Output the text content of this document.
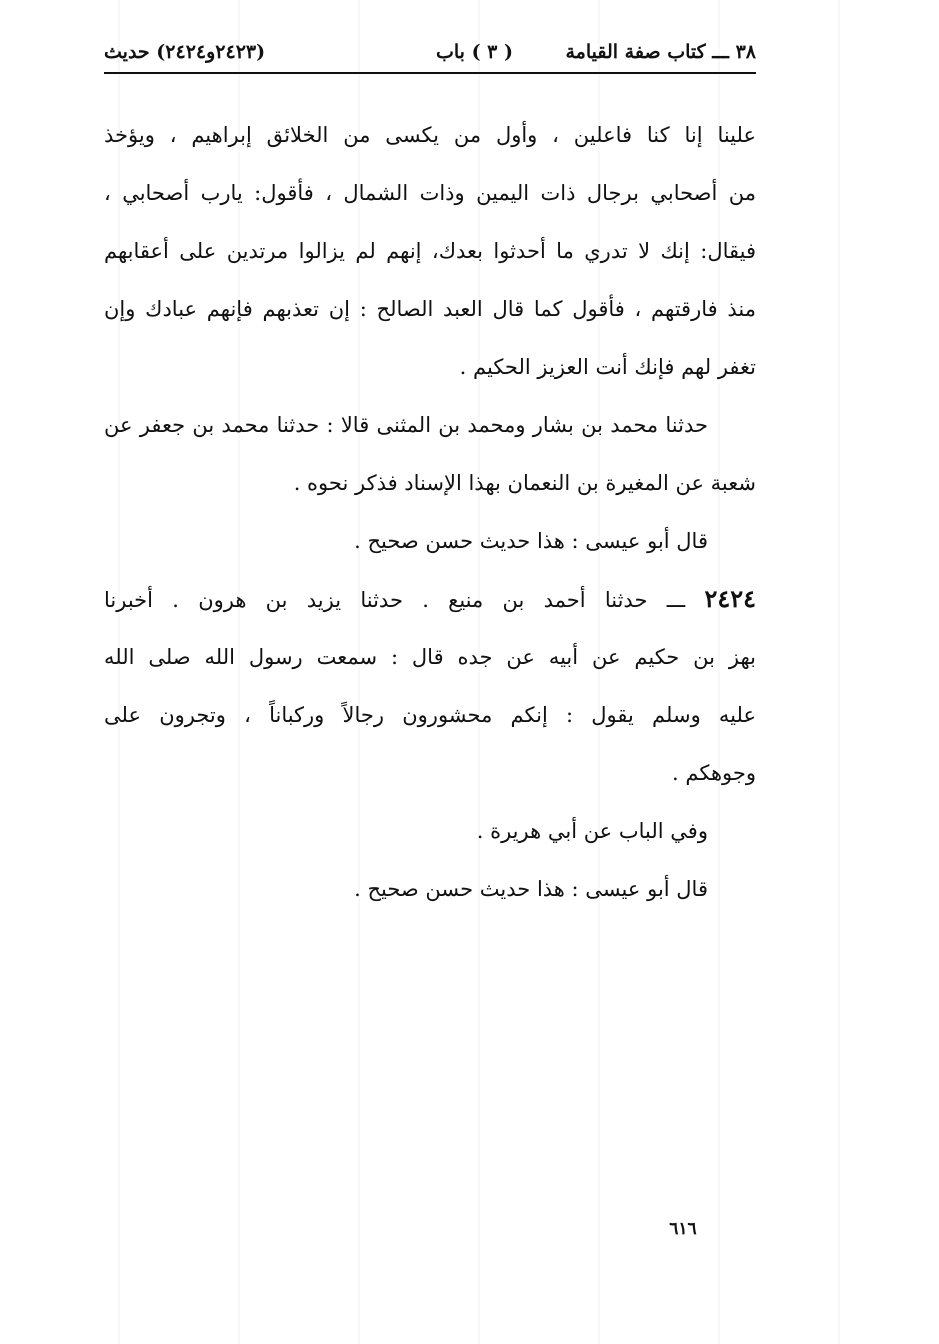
٣٨ ـــ كتاب صفة القيامة
( ٣ ) باب
(٢٤٢٣و٢٤٢٤) حديث
علينا إنا كنا فاعلين ، وأول من يكسى من الخلائق إبراهيم ، ويؤخذ
من أصحابي برجال ذات اليمين وذات الشمال ، فأقول: يارب أصحابي ،
فيقال: إنك لا تدري ما أحدثوا بعدك، إنهم لم يزالوا مرتدين على أعقابهم
منذ فارقتهم ، فأقول كما قال العبد الصالح : إن تعذبهم فإنهم عبادك وإن
تغفر لهم فإنك أنت العزيز الحكيم .
حدثنا محمد بن بشار ومحمد بن المثنى قالا : حدثنا محمد بن جعفر عن
شعبة عن المغيرة بن النعمان بهذا الإسناد فذكر نحوه .
قال أبو عيسى : هذا حديث حسن صحيح .
٢٤٢٤ ـــ حدثنا أحمد بن منيع . حدثنا يزيد بن هرون . أخبرنا
بهز بن حكيم عن أبيه عن جده قال : سمعت رسول الله صلى الله
عليه وسلم يقول : إنكم محشورون رجالاً وركباناً ، وتجرون على
وجوهكم .
وفي الباب عن أبي هريرة .
قال أبو عيسى : هذا حديث حسن صحيح .
٦١٦
